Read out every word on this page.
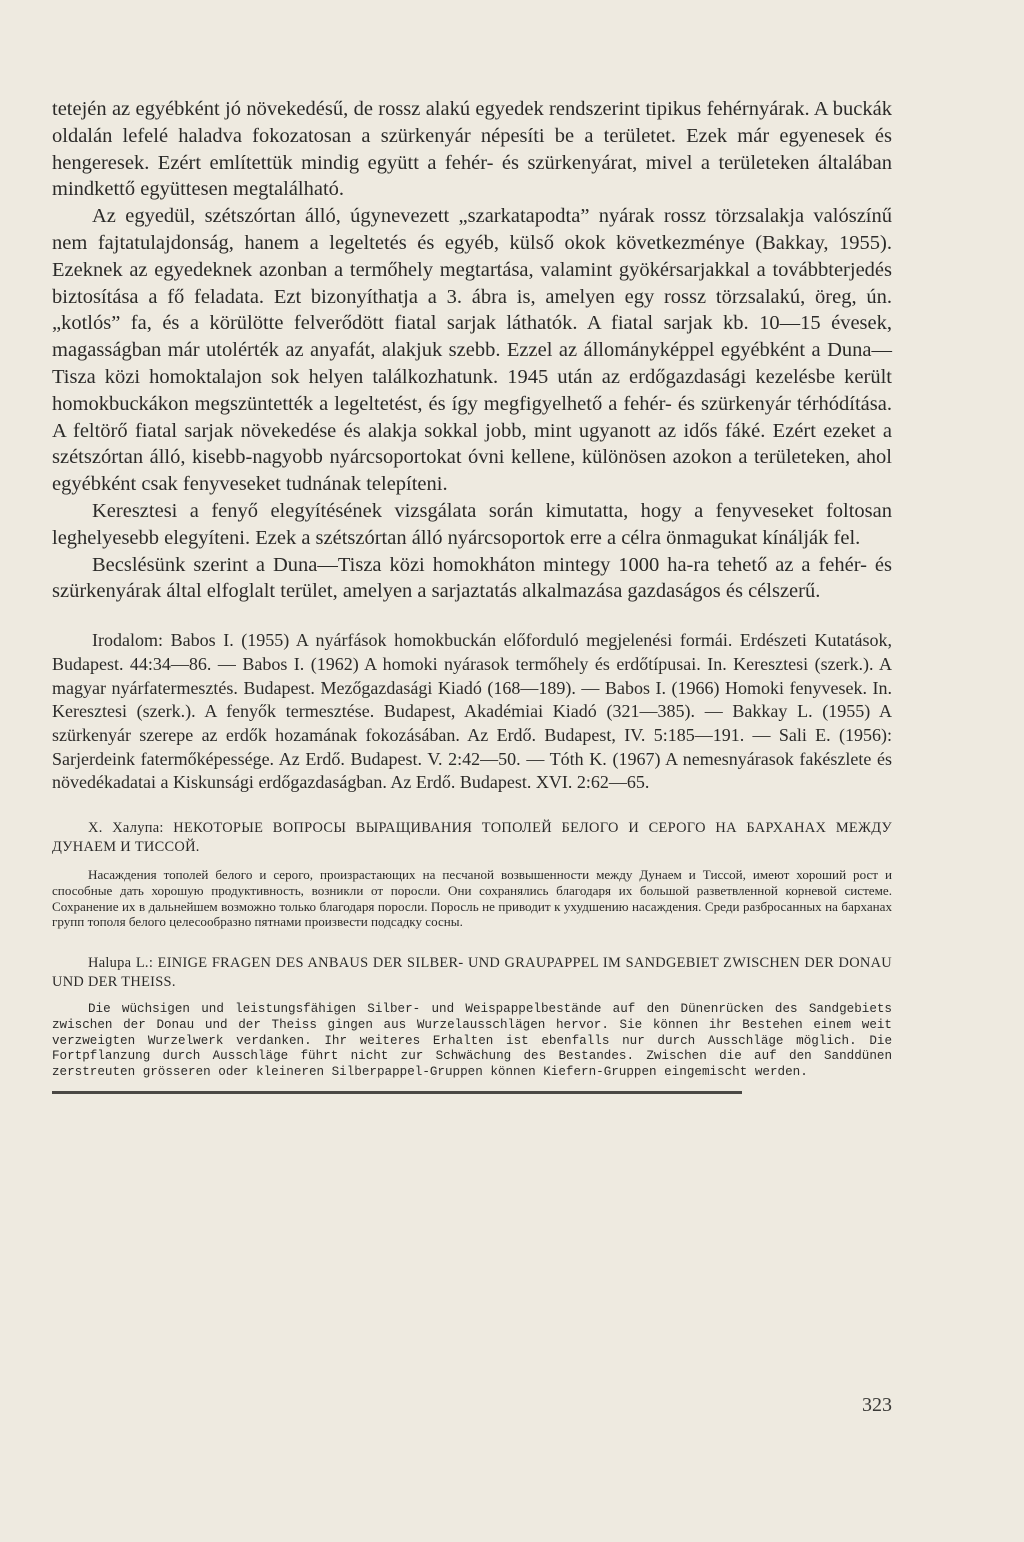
tetején az egyébként jó növekedésű, de rossz alakú egyedek rendszerint tipikus fehérnyárak. A buckák oldalán lefelé haladva fokozatosan a szürkenyár népesíti be a területet. Ezek már egyenesek és hengeresek. Ezért említettük mindig együtt a fehér- és szürkenyárat, mivel a területeken általában mindkettő együttesen megtalálható.

Az egyedül, szétszórtan álló, úgynevezett „szarkatapodta” nyárak rossz törzsalakja valószínű nem fajtatulajdonság, hanem a legeltetés és egyéb, külső okok következménye (Bakkay, 1955). Ezeknek az egyedeknek azonban a termőhely megtartása, valamint gyökérsarjakkal a továbbterjedés biztosítása a fő feladata. Ezt bizonyíthatja a 3. ábra is, amelyen egy rossz törzsalakú, öreg, ún. „kotlós” fa, és a körülötte felverődött fiatal sarjak láthatók. A fiatal sarjak kb. 10—15 évesek, magasságban már utolérték az anyafát, alakjuk szebb. Ezzel az állományképpel egyébként a Duna—Tisza közi homoktalajon sok helyen találkozhatunk. 1945 után az erdőgazdasági kezelésbe került homokbuckákon megszüntették a legeltetést, és így megfigyelhető a fehér- és szürkenyár térhódítása. A feltörő fiatal sarjak növekedése és alakja sokkal jobb, mint ugyanott az idős fáké. Ezért ezeket a szétszórtan álló, kisebb-nagyobb nyárcsoportokat óvni kellene, különösen azokon a területeken, ahol egyébként csak fenyveseket tudnának telepíteni.

Keresztesi a fenyő elegyítésének vizsgálata során kimutatta, hogy a fenyveseket foltosan leghelyesebb elegyíteni. Ezek a szétszórtan álló nyárcsoportok erre a célra önmagukat kínálják fel.

Becslésünk szerint a Duna—Tisza közi homokháton mintegy 1000 ha-ra tehető az a fehér- és szürkenyárak által elfoglalt terület, amelyen a sarjaztatás alkalmazása gazdaságos és célszerű.

Irodalom: Babos I. (1955) A nyárfások homokbuckán előforduló megjelenési formái. Erdészeti Kutatások, Budapest. 44:34—86. — Babos I. (1962) A homoki nyárasok termőhely és erdőtípusai. In. Keresztesi (szerk.). A magyar nyárfatermesztés. Budapest. Mezőgazdasági Kiadó (168—189). — Babos I. (1966) Homoki fenyvesek. In. Keresztesi (szerk.). A fenyők termesztése. Budapest, Akadémiai Kiadó (321—385). — Bakkay L. (1955) A szürkenyár szerepe az erdők hozamának fokozásában. Az Erdő. Budapest, IV. 5:185—191. — Sali E. (1956): Sarjerdeink fatermőképessége. Az Erdő. Budapest. V. 2:42—50. — Tóth K. (1967) A nemesnyárasok fakészlete és növedékadatai a Kiskunsági erdőgazdaságban. Az Erdő. Budapest. XVI. 2:62—65.
Х. Халупа: НЕКОТОРЫЕ ВОПРОСЫ ВЫРАЩИВАНИЯ ТОПОЛЕЙ БЕЛОГО И СЕРОГО НА БАРХАНАХ МЕЖДУ ДУНАЕМ И ТИССОЙ.
Насаждения тополей белого и серого, произрастающих на песчаной возвышенности между Дунаем и Тиссой, имеют хороший рост и способные дать хорошую продуктивность, возникли от поросли. Они сохранялись благодаря их большой разветвленной корневой системе. Сохранение их в дальнейшем возможно только благодаря поросли. Поросль не приводит к ухудшению насаждения. Среди разбросанных на барханах групп тополя белого целесообразно пятнами произвести подсадку сосны.
Halupa L.: EINIGE FRAGEN DES ANBAUS DER SILBER- UND GRAUPAPPEL IM SANDGEBIET ZWISCHEN DER DONAU UND DER THEISS.
Die wüchsigen und leistungsfähigen Silber- und Weispappelbestände auf den Dünenrücken des Sandgebiets zwischen der Donau und der Theiss gingen aus Wurzelausschlägen hervor. Sie können ihr Bestehen einem weit verzweigten Wurzelwerk verdanken. Ihr weiteres Erhalten ist ebenfalls nur durch Ausschläge möglich. Die Fortpflanzung durch Ausschläge führt nicht zur Schwächung des Bestandes. Zwischen die auf den Sanddünen zerstreuten grösseren oder kleineren Silberpappel-Gruppen können Kiefern-Gruppen eingemischt werden.
323
